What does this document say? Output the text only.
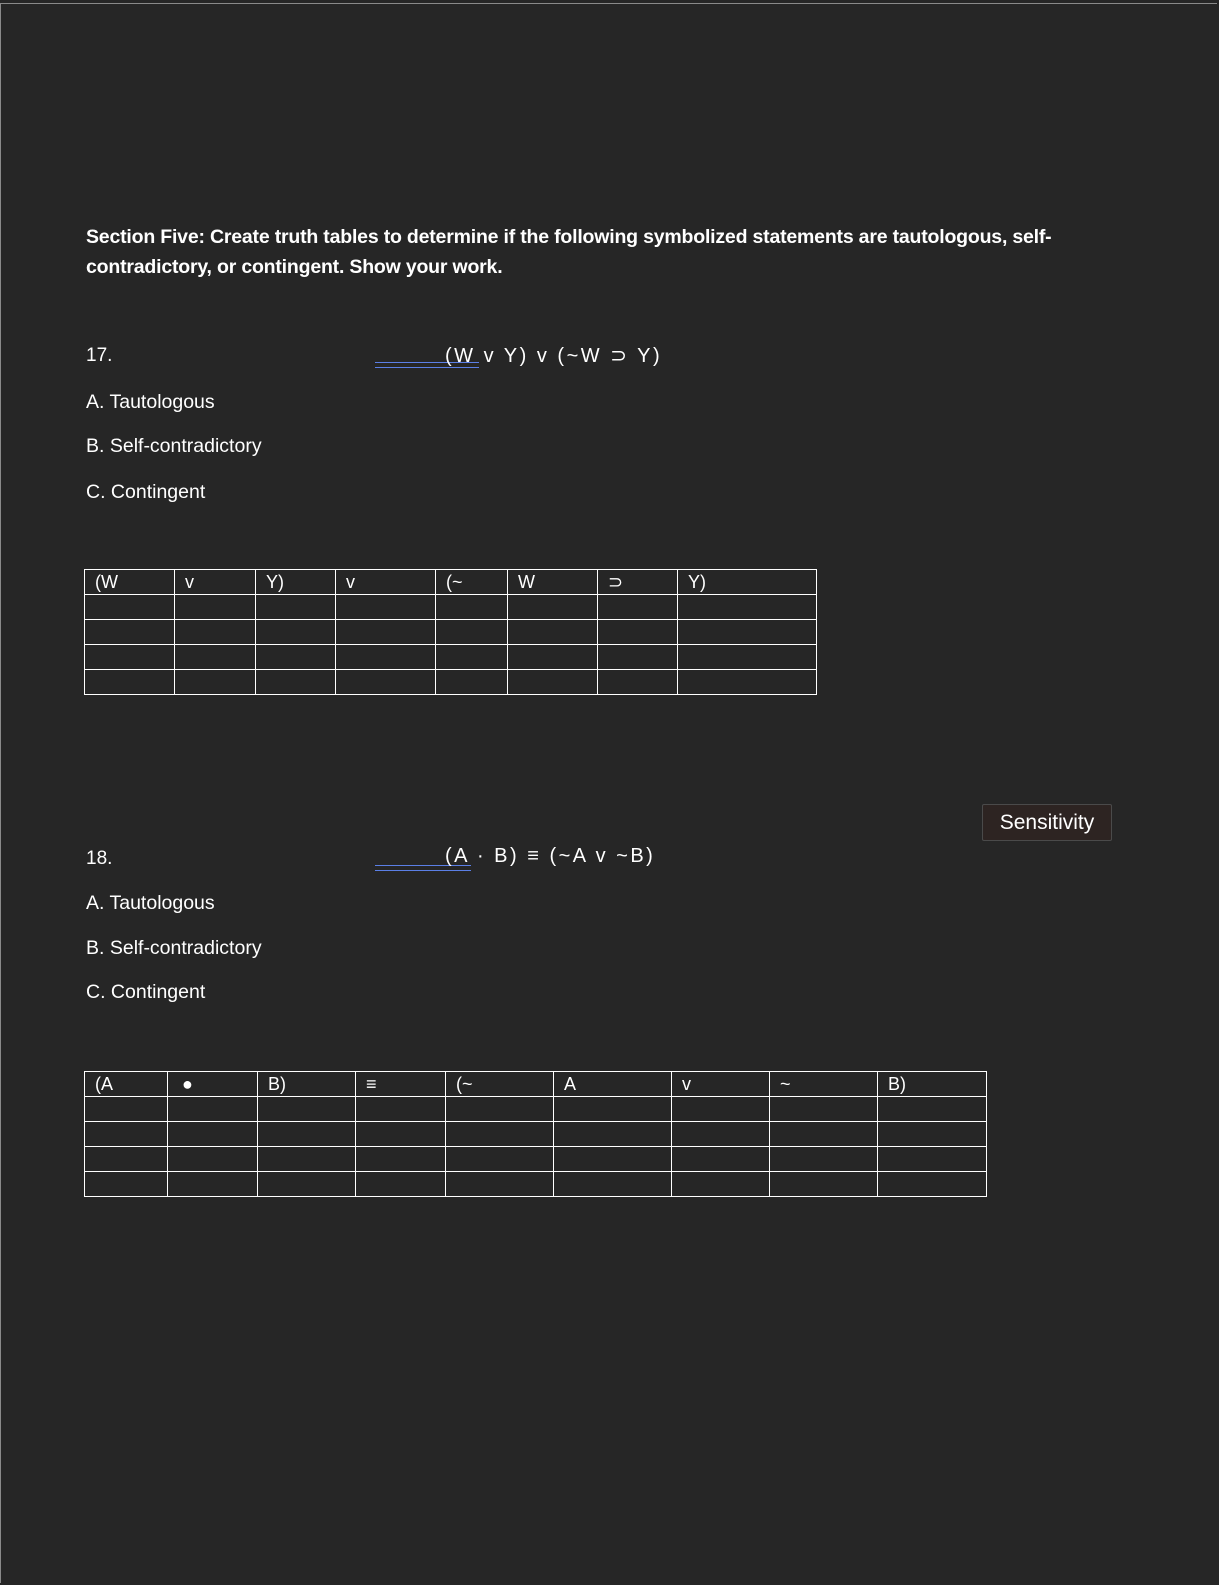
Section Five: Create truth tables to determine if the following symbolized statements are tautologous, self-contradictory, or contingent. Show your work.
17.	(W v Y) v (~W ⊃ Y)
A. Tautologous
B. Self-contradictory
C. Contingent
(W	v	Y)	v	(~	W	⊃	Y)

Sensitivity
18.	(A · B) ≡ (~A v ~B)
A. Tautologous
B. Self-contradictory
C. Contingent
(A	●	B)	≡	(~	A	v	~	B)
